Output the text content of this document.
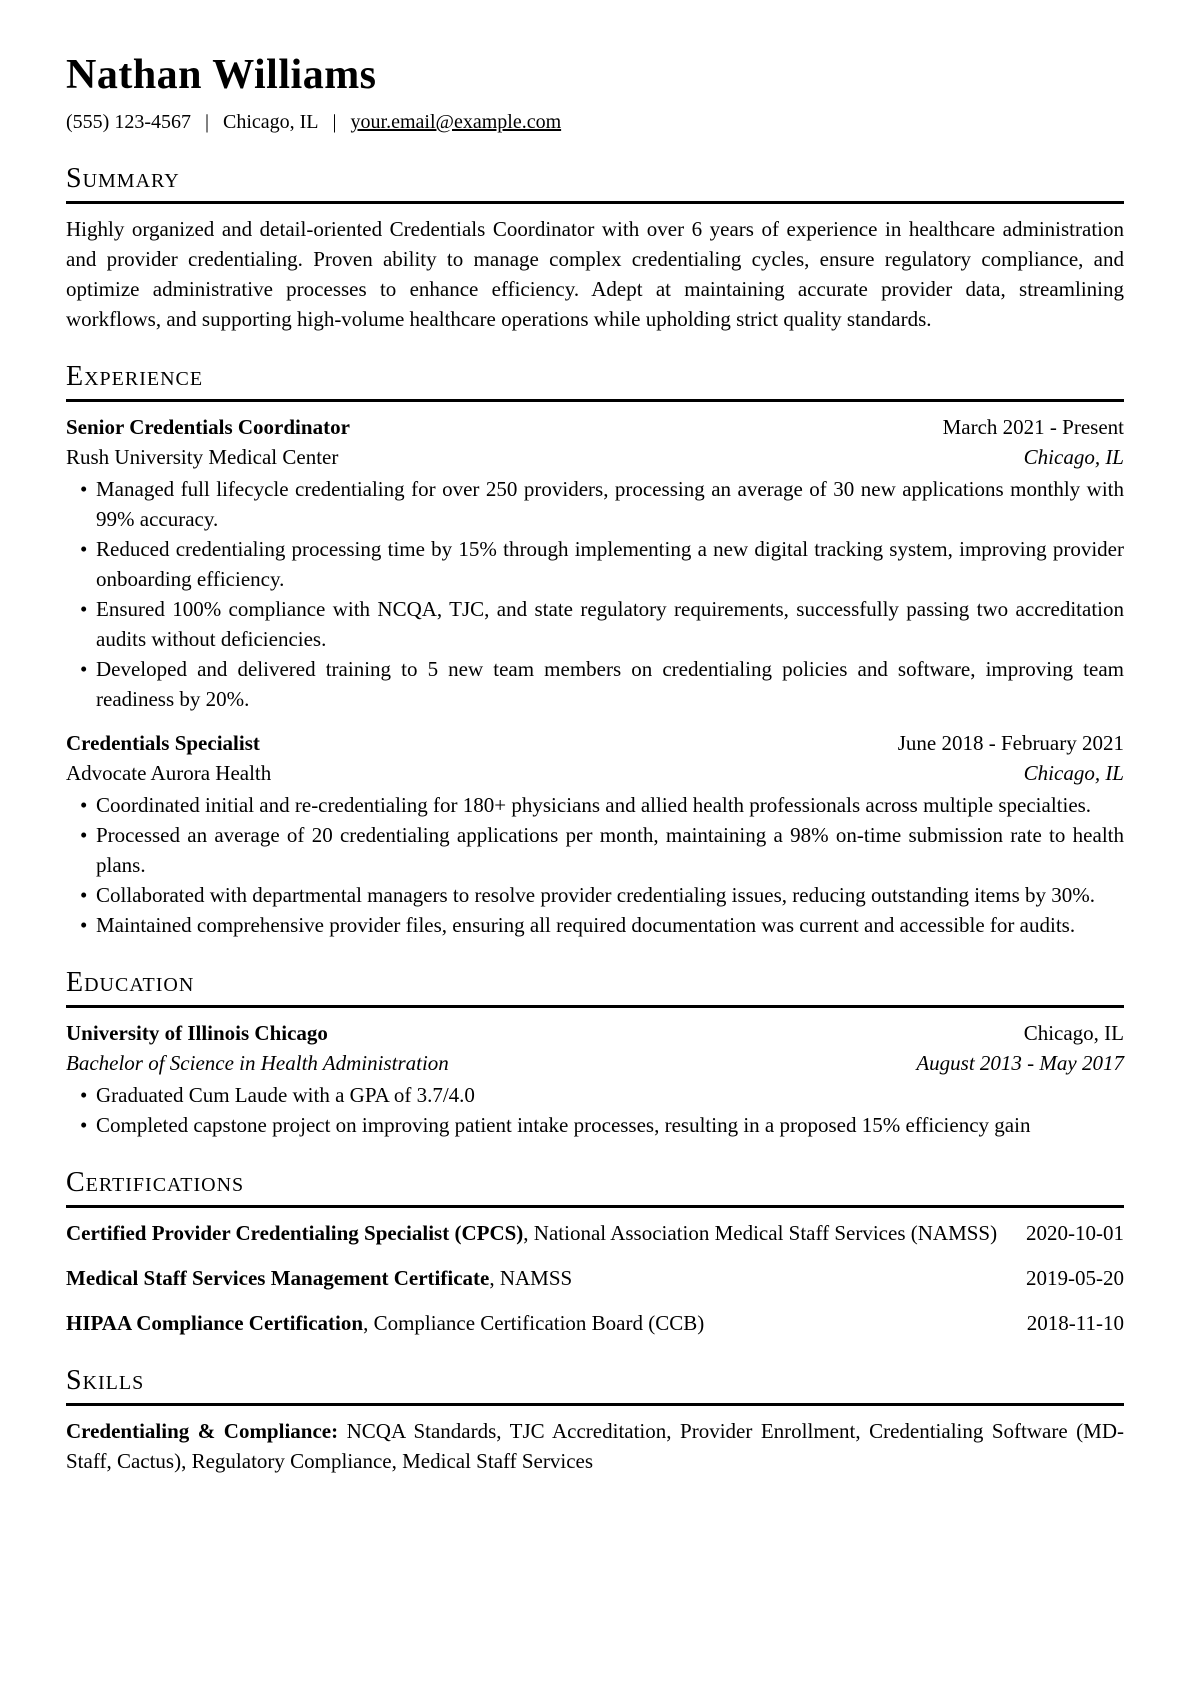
Nathan Williams
(555) 123-4567 | Chicago, IL | your.email@example.com
Summary

Highly organized and detail-oriented Credentials Coordinator with over 6 years of experience in healthcare administration and provider credentialing. Proven ability to manage complex credentialing cycles, ensure regulatory compliance, and optimize administrative processes to enhance efficiency. Adept at maintaining accurate provider data, streamlining workflows, and supporting high-volume healthcare operations while upholding strict quality standards.

Experience
Senior Credentials Coordinator	March 2021 - Present
Rush University Medical Center	Chicago, IL
• Managed full lifecycle credentialing for over 250 providers, processing an average of 30 new applications monthly with 99% accuracy.
• Reduced credentialing processing time by 15% through implementing a new digital tracking system, improving provider onboarding efficiency.
• Ensured 100% compliance with NCQA, TJC, and state regulatory requirements, successfully passing two accreditation audits without deficiencies.
• Developed and delivered training to 5 new team members on credentialing policies and software, improving team readiness by 20%.
Credentials Specialist	June 2018 - February 2021
Advocate Aurora Health	Chicago, IL
• Coordinated initial and re-credentialing for 180+ physicians and allied health professionals across multiple specialties.
• Processed an average of 20 credentialing applications per month, maintaining a 98% on-time submission rate to health plans.
• Collaborated with departmental managers to resolve provider credentialing issues, reducing outstanding items by 30%.
• Maintained comprehensive provider files, ensuring all required documentation was current and accessible for audits.
Education
University of Illinois Chicago	Chicago, IL
Bachelor of Science in Health Administration	August 2013 - May 2017
• Graduated Cum Laude with a GPA of 3.7/4.0
• Completed capstone project on improving patient intake processes, resulting in a proposed 15% efficiency gain
Certifications

Certified Provider Credentialing Specialist (CPCS), National Association Medical Staff Services (NAMSS) 2020-10-01

Medical Staff Services Management Certificate, NAMSS	2019-05-20

HIPAA Compliance Certification, Compliance Certification Board (CCB)	2018-11-10

Skills

Credentialing & Compliance: NCQA Standards, TJC Accreditation, Provider Enrollment, Credentialing Software (MD-Staff, Cactus), Regulatory Compliance, Medical Staff Services
